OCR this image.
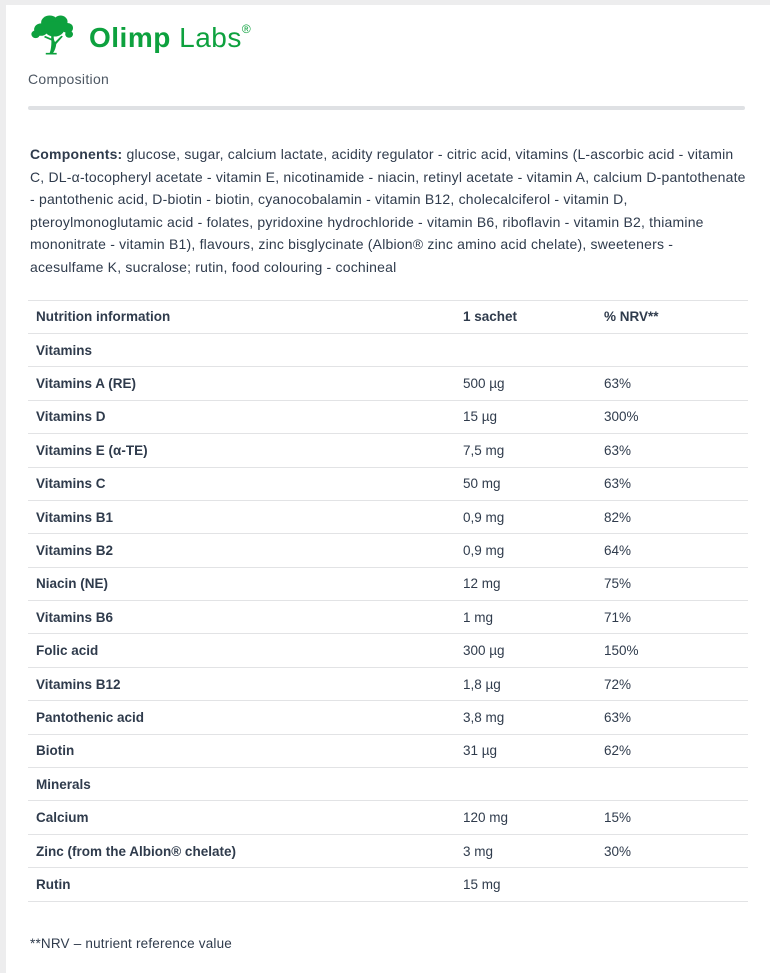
Olimp Labs®
Composition

Components: glucose, sugar, calcium lactate, acidity regulator - citric acid, vitamins (L-ascorbic acid - vitamin C, DL-α-tocopheryl acetate - vitamin E, nicotinamide - niacin, retinyl acetate - vitamin A, calcium D-pantothenate - pantothenic acid, D-biotin - biotin, cyanocobalamin - vitamin B12, cholecalciferol - vitamin D, pteroylmonoglutamic acid - folates, pyridoxine hydrochloride - vitamin B6, riboflavin - vitamin B2, thiamine mononitrate - vitamin B1), flavours, zinc bisglycinate (Albion® zinc amino acid chelate), sweeteners - acesulfame K, sucralose; rutin, food colouring - cochineal

Nutrition information	1 sachet	% NRV**
Vitamins		
Vitamins A (RE)	500 µg	63%
Vitamins D	15 µg	300%
Vitamins E (α-TE)	7,5 mg	63%
Vitamins C	50 mg	63%
Vitamins B1	0,9 mg	82%
Vitamins B2	0,9 mg	64%
Niacin (NE)	12 mg	75%
Vitamins B6	1 mg	71%
Folic acid	300 µg	150%
Vitamins B12	1,8 µg	72%
Pantothenic acid	3,8 mg	63%
Biotin	31 µg	62%
Minerals		
Calcium	120 mg	15%
Zinc (from the Albion® chelate)	3 mg	30%
Rutin	15 mg	

**NRV – nutrient reference value
